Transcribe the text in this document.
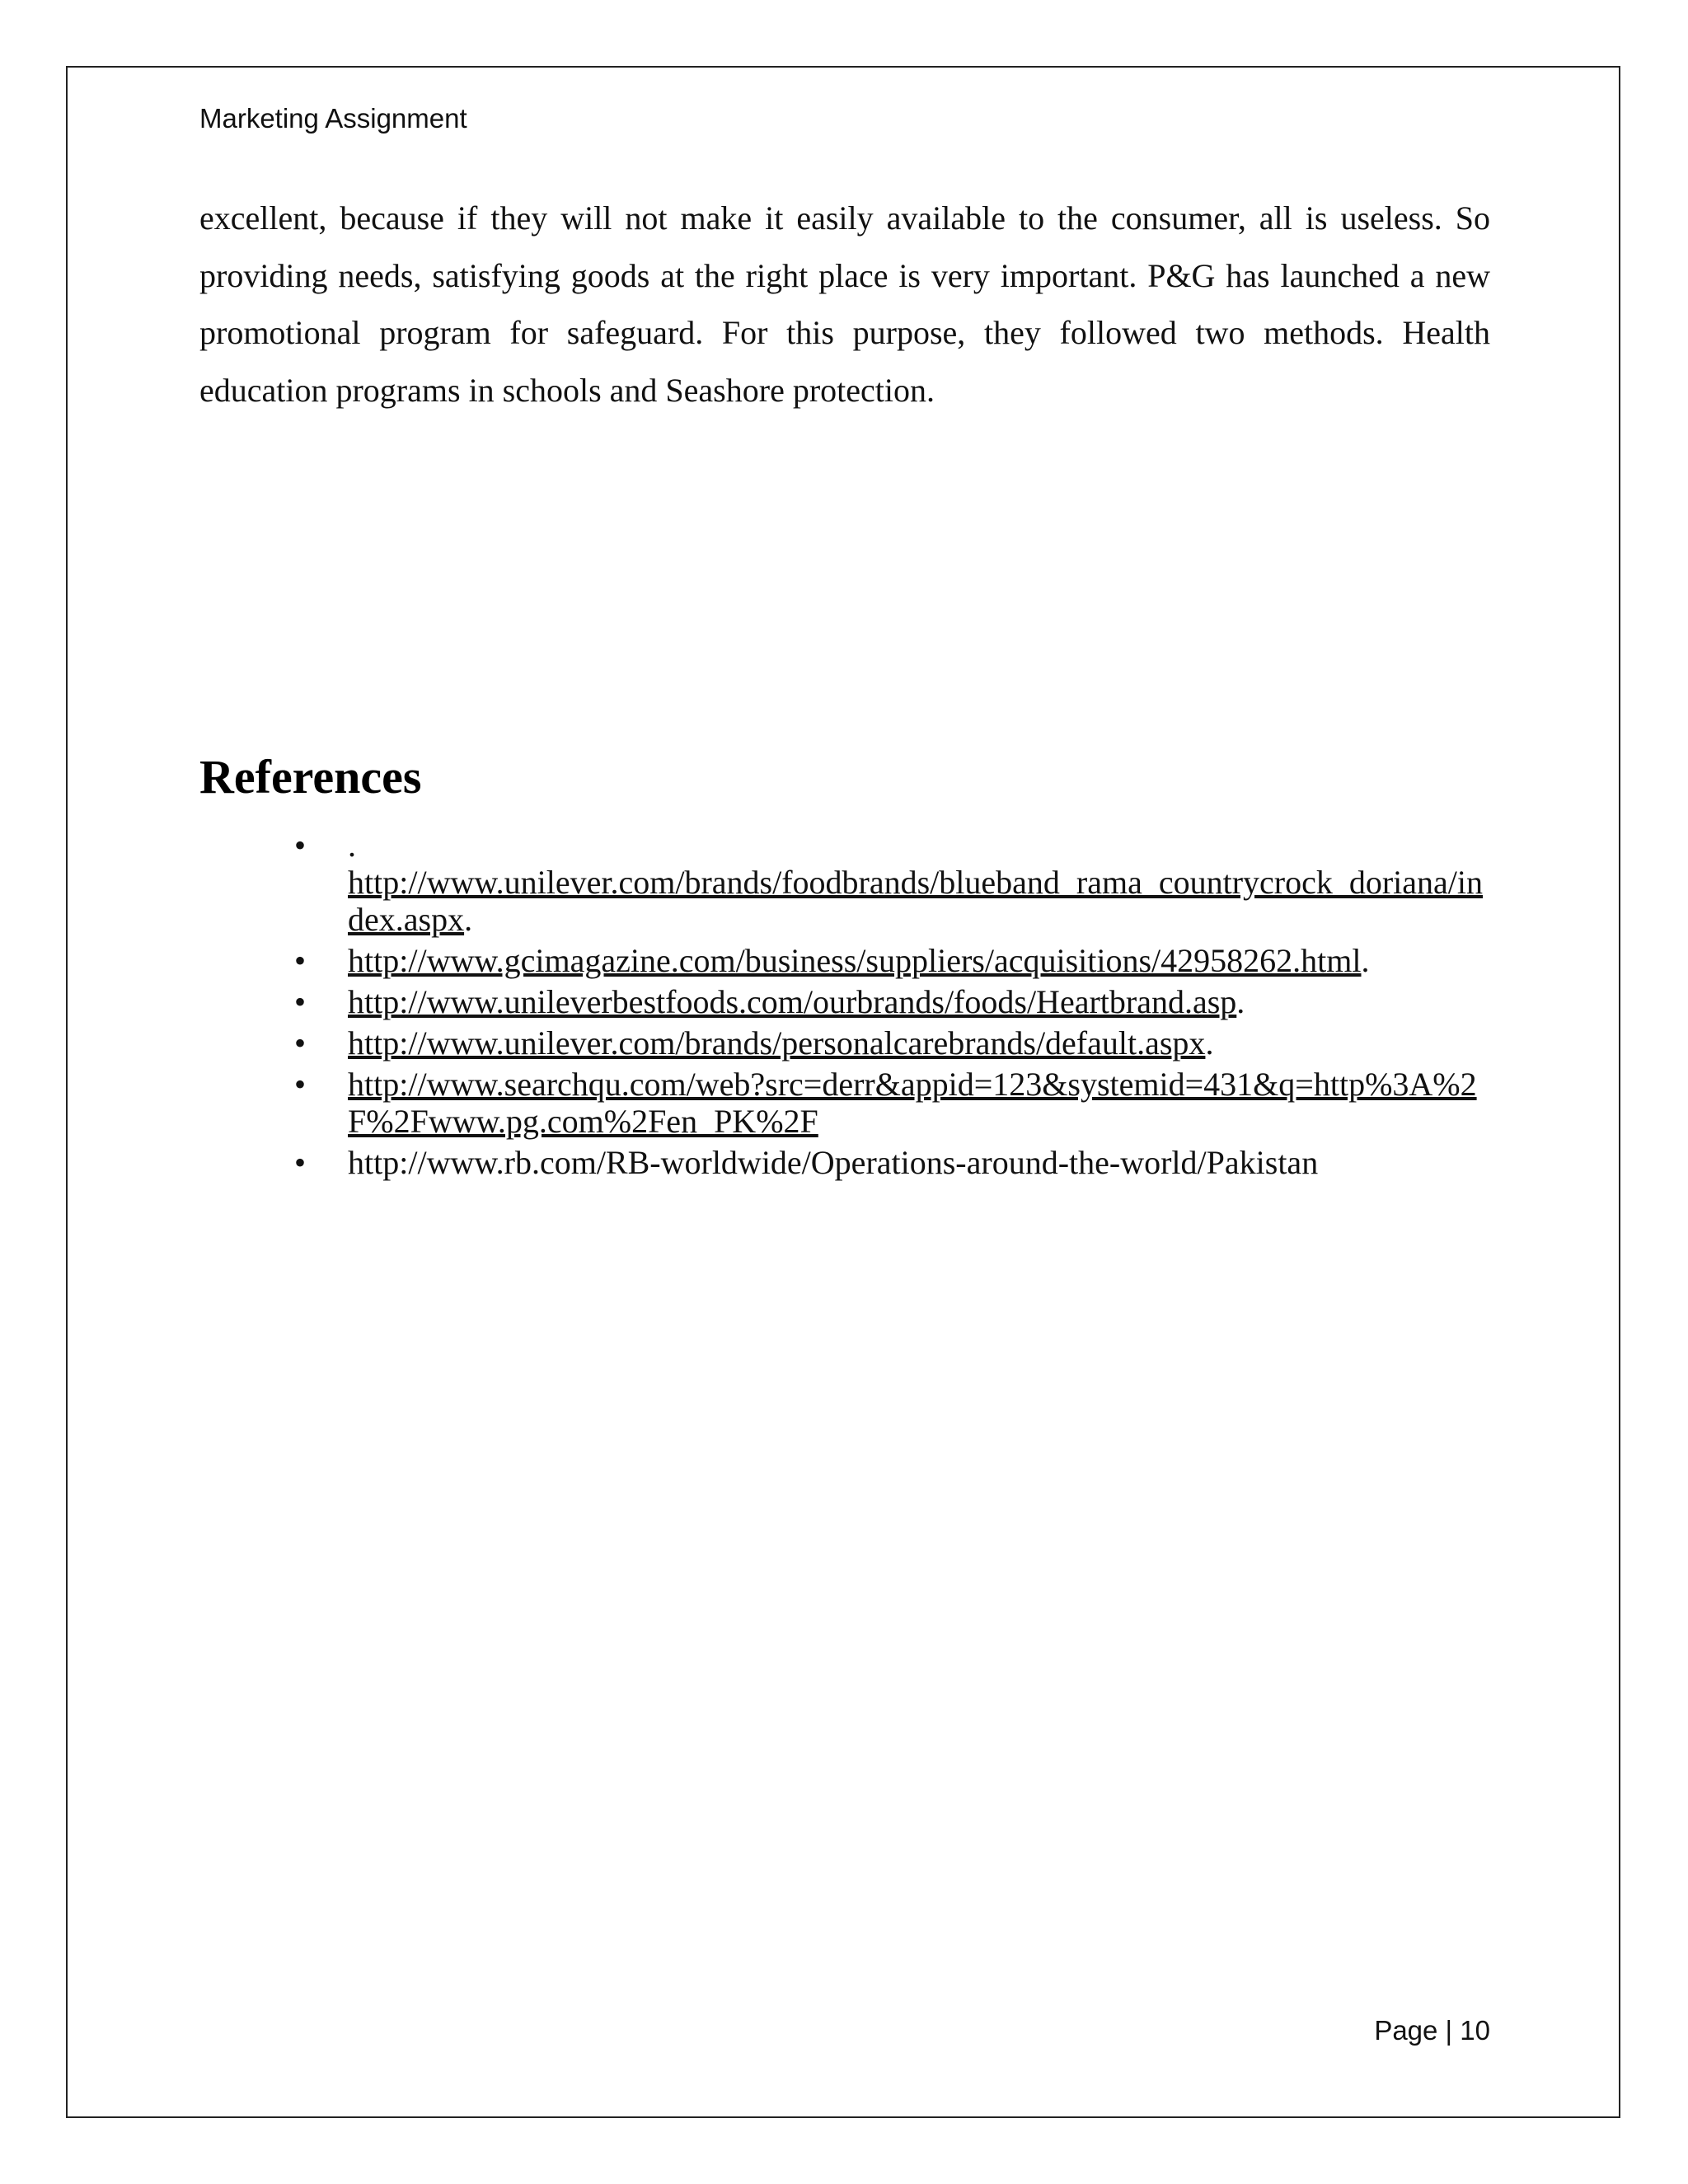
Marketing Assignment

excellent, because if they will not make it easily available to the consumer, all is useless. So providing needs, satisfying goods at the right place is very important. P&G has launched a new promotional program for safeguard. For this purpose, they followed two methods. Health education programs in schools and Seashore protection.

References
• .
http://www.unilever.com/brands/foodbrands/blueband_rama_countrycrock_doriana/index.aspx.
• http://www.gcimagazine.com/business/suppliers/acquisitions/42958262.html.
• http://www.unileverbestfoods.com/ourbrands/foods/Heartbrand.asp.
• http://www.unilever.com/brands/personalcarebrands/default.aspx.
• http://www.searchqu.com/web?src=derr&appid=123&systemid=431&q=http%3A%2F%2Fwww.pg.com%2Fen_PK%2F
• http://www.rb.com/RB-worldwide/Operations-around-the-world/Pakistan
Page | 10
